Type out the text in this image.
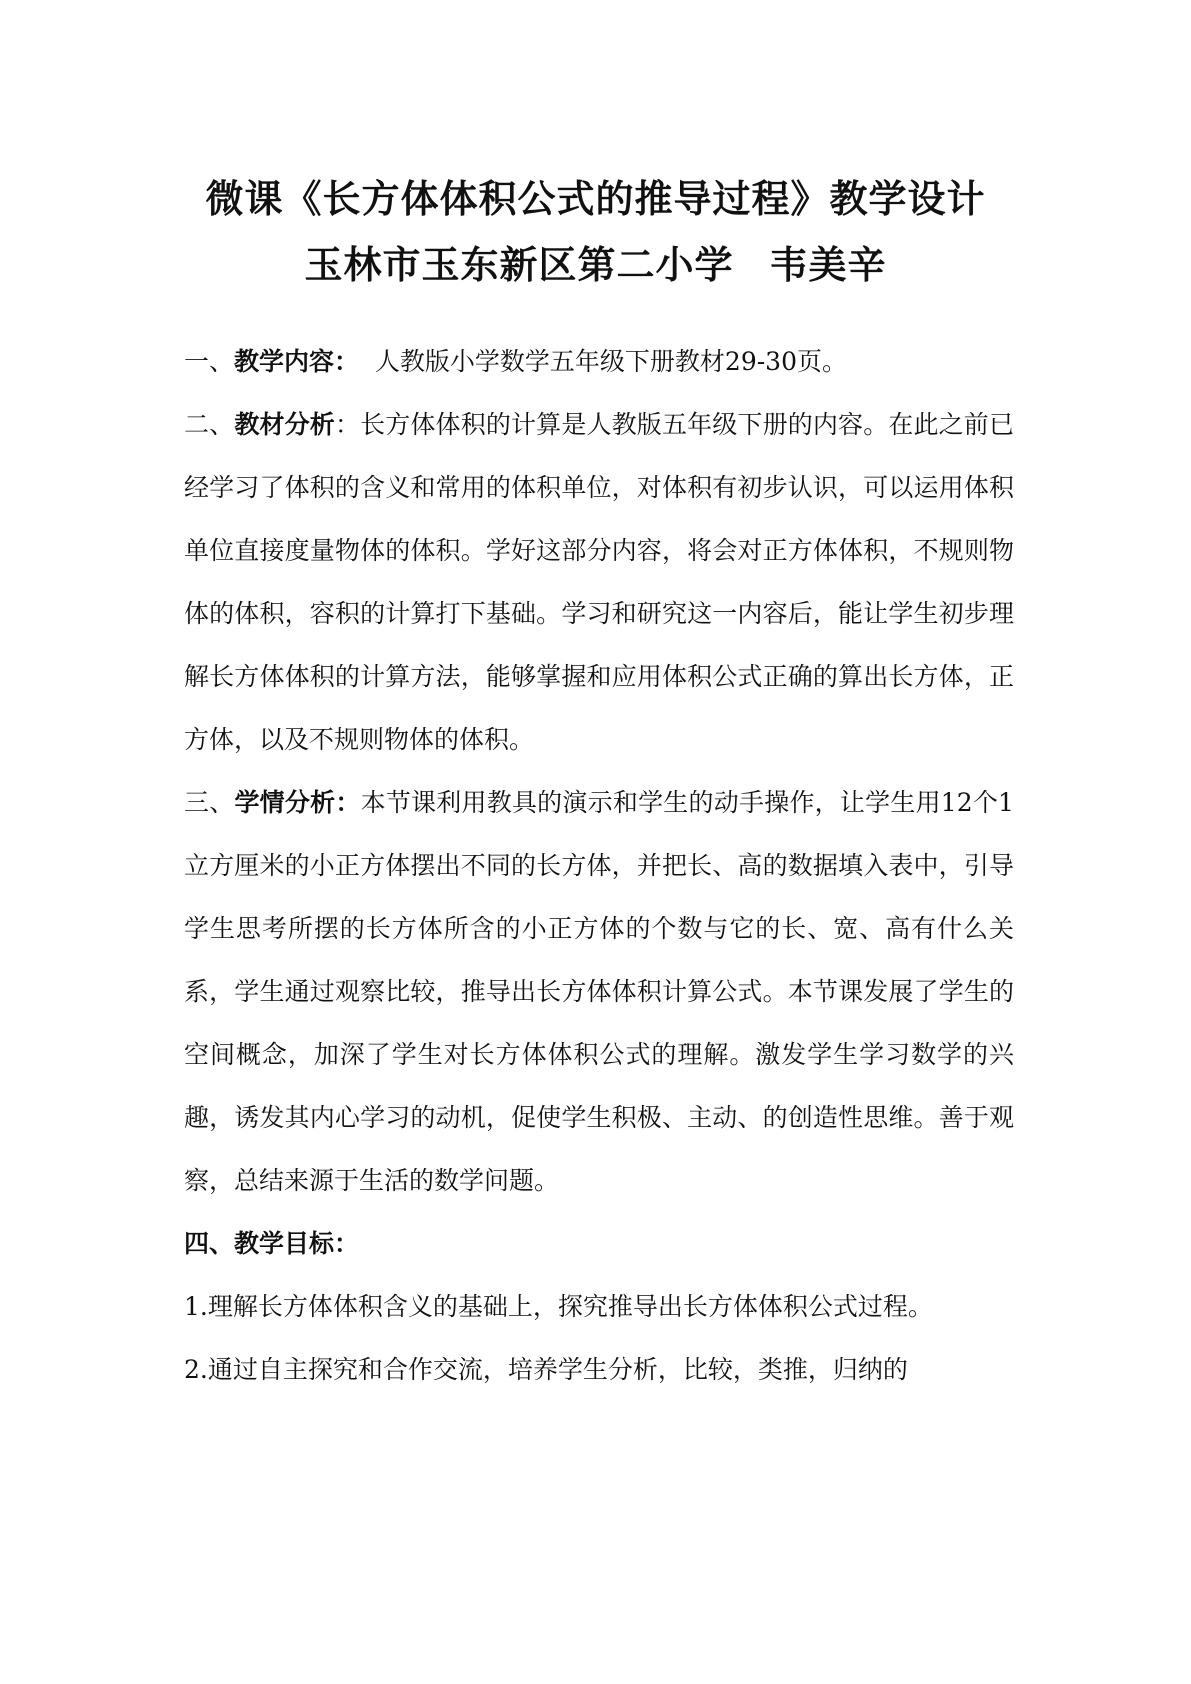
微课《长方体体积公式的推导过程》教学设计
玉林市玉东新区第二小学 韦美辛

一、教学内容：  人教版小学数学五年级下册教材29-30页。

二、教材分析：长方体体积的计算是人教版五年级下册的内容。在此之前已经学习了体积的含义和常用的体积单位，对体积有初步认识，可以运用体积单位直接度量物体的体积。学好这部分内容，将会对正方体体积，不规则物体的体积，容积的计算打下基础。学习和研究这一内容后，能让学生初步理解长方体体积的计算方法，能够掌握和应用体积公式正确的算出长方体，正方体，以及不规则物体的体积。

三、学情分析：本节课利用教具的演示和学生的动手操作，让学生用12个1立方厘米的小正方体摆出不同的长方体，并把长、高的数据填入表中，引导学生思考所摆的长方体所含的小正方体的个数与它的长、宽、高有什么关系，学生通过观察比较，推导出长方体体积计算公式。本节课发展了学生的空间概念，加深了学生对长方体体积公式的理解。激发学生学习数学的兴趣，诱发其内心学习的动机，促使学生积极、主动、的创造性思维。善于观察，总结来源于生活的数学问题。

四、教学目标：

1.理解长方体体积含义的基础上，探究推导出长方体体积公式过程。

2.通过自主探究和合作交流，培养学生分析，比较，类推，归纳的
